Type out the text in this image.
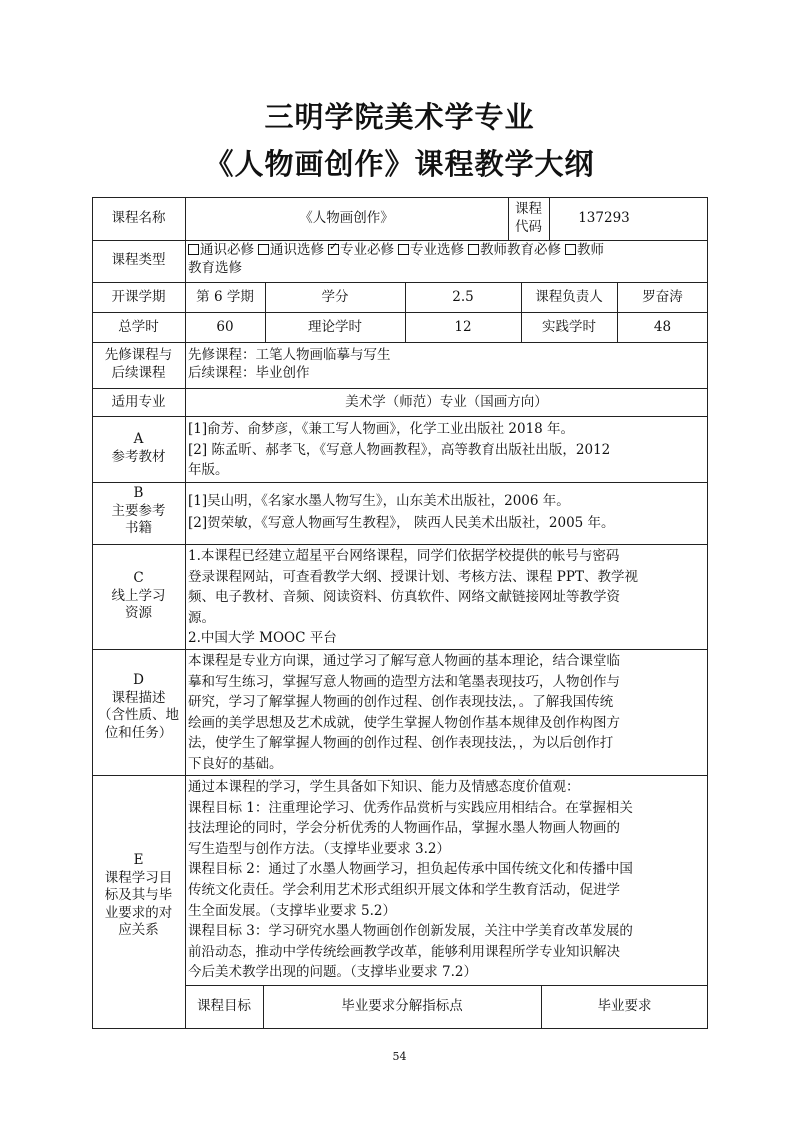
三明学院美术学专业
《人物画创作》课程教学大纲
课程名称	《人物画创作》
课程代码
137293
课程类型
通识必修 通识选修✓ 专业必修 专业选修 教师教育必修 教师
教育选修
开课学期	第 6 学期	学分	2.5	课程负责人	罗奋涛
总学时	60	理论学时	12	实践学时	48
先修课程与
后续课程
先修课程：工笔人物画临摹与写生
后续课程：毕业创作
适用专业	美术学（师范）专业（国画方向）
A
参考教材
[1]俞芳、俞梦彦，《兼工写人物画》，化学工业出版社 2018 年。
[2] 陈孟昕、郝孝飞，《写意人物画教程》，高等教育出版社出版，2012
年版。
B
主要参考
书籍
[1]吴山明，《名家水墨人物写生》，山东美术出版社，2006 年。
[2]贺荣敏，《写意人物画写生教程》， 陕西人民美术出版社，2005 年。
C
线上学习
资源
1.本课程已经建立超星平台网络课程，同学们依据学校提供的帐号与密码
登录课程网站，可查看教学大纲、授课计划、考核方法、课程 PPT、教学视
频、电子教材、音频、阅读资料、仿真软件、网络文献链接网址等教学资
源。
2.中国大学 MOOC 平台
D
课程描述
（含性质、地
位和任务）
本课程是专业方向课，通过学习了解写意人物画的基本理论，结合课堂临
摹和写生练习，掌握写意人物画的造型方法和笔墨表现技巧，人物创作与
研究，学习了解掌握人物画的创作过程、创作表现技法，。了解我国传统
绘画的美学思想及艺术成就，使学生掌握人物创作基本规律及创作构图方
法，使学生了解掌握人物画的创作过程、创作表现技法，，为以后创作打
下良好的基础。
E
课程学习目
标及其与毕
业要求的对
应关系
通过本课程的学习，学生具备如下知识、能力及情感态度价值观：
课程目标 1：注重理论学习、优秀作品赏析与实践应用相结合。在掌握相关
技法理论的同时，学会分析优秀的人物画作品，掌握水墨人物画人物画的
写生造型与创作方法。（支撑毕业要求 3.2）
课程目标 2：通过了水墨人物画学习，担负起传承中国传统文化和传播中国
传统文化责任。学会利用艺术形式组织开展文体和学生教育活动，促进学
生全面发展。（支撑毕业要求 5.2）
课程目标 3：学习研究水墨人物画创作创新发展，关注中学美育改革发展的
前沿动态，推动中学传统绘画教学改革，能够利用课程所学专业知识解决
今后美术教学出现的问题。（支撑毕业要求 7.2）
课程目标	毕业要求分解指标点	毕业要求
54
